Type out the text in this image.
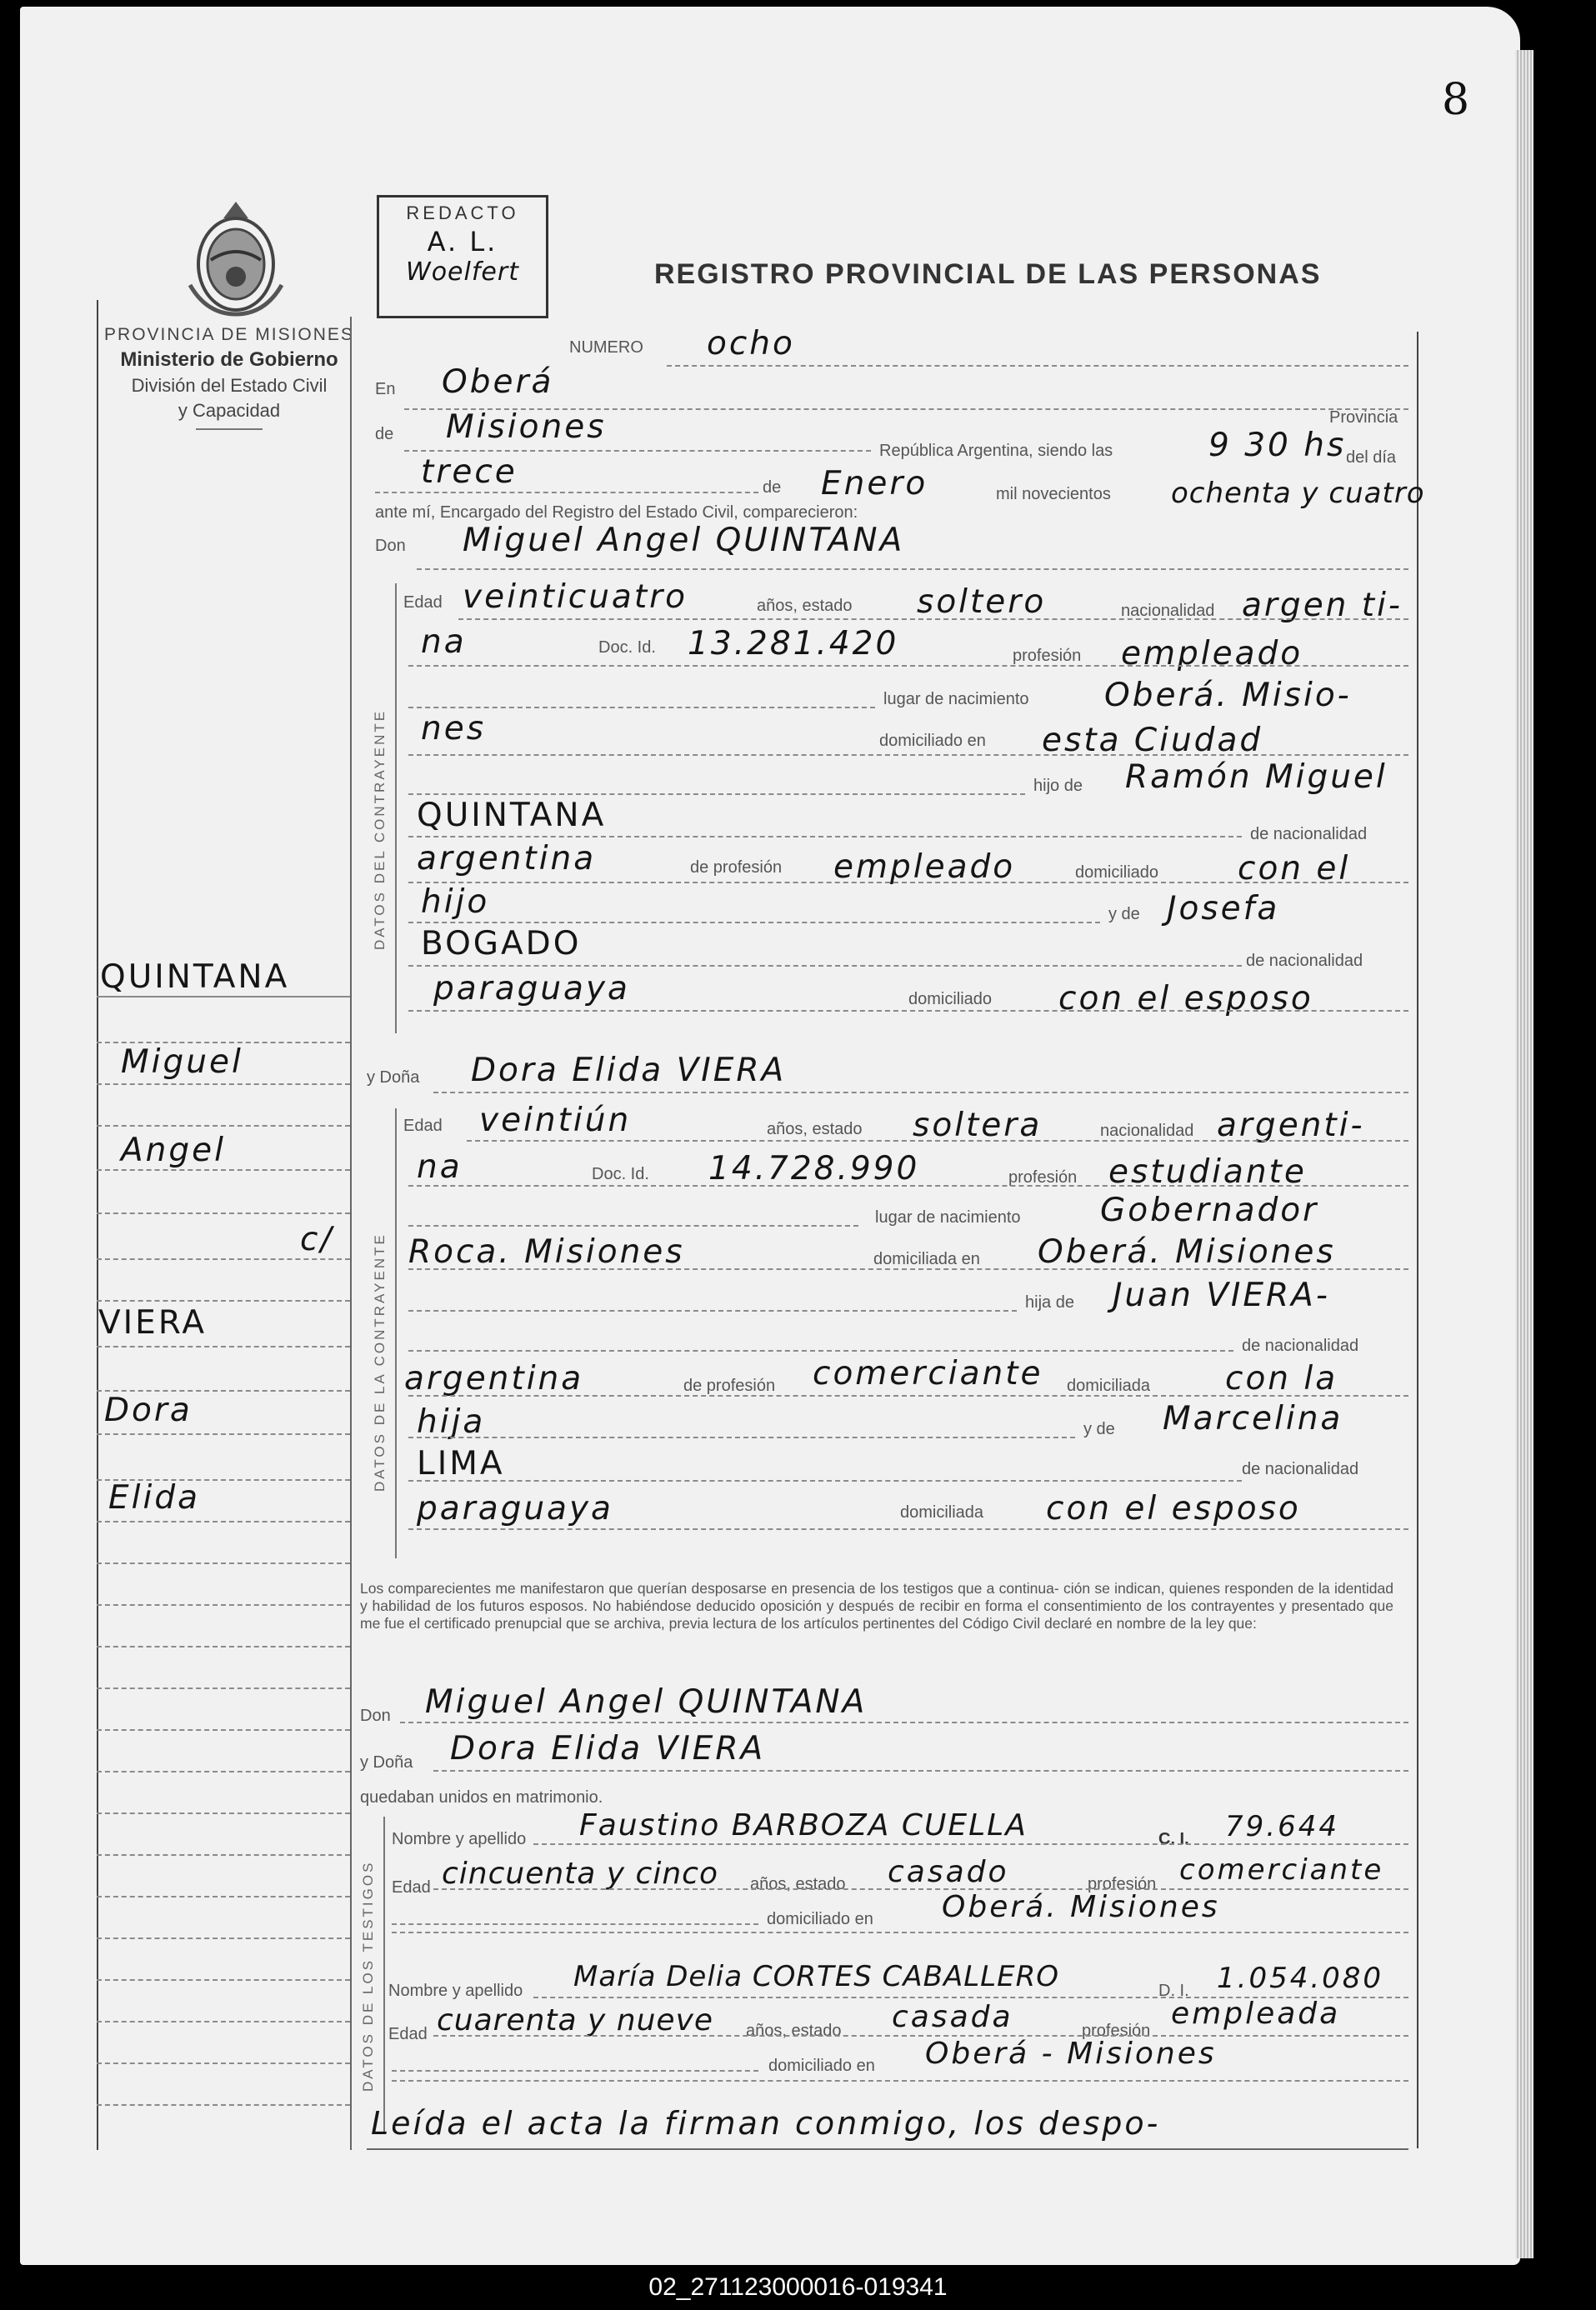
8
PROVINCIA DE MISIONES
Ministerio de Gobierno
División del Estado Civil
y Capacidad
REDACTO
A. L.
Woelfert	REGISTRO PROVINCIAL DE LAS PERSONAS
QUINTANA
Miguel
Angel
c/
VIERA
Dora
Elida
NUMERO ocho
En Oberá
Provincia
de Misiones
República Argentina, siendo las	9 30 hs del día
trece	de Enero	mil novecientos ochenta y cuatro
ante mí, Encargado del Registro del Estado Civil, comparecieron:
Don Miguel Angel QUINTANA
DATOS DEL CONTRAYENTE
Edad veinticuatro	años, estado soltero	nacionalidad argen ti-
na	Doc. Id. 13.281.420	profesión empleado
lugar de nacimiento Oberá. Misio-
nes	domiciliado en esta Ciudad
hijo de Ramón Miguel
QUINTANA	de nacionalidad
argentina	de profesión empleado	domiciliado con el
hijo	y de Josefa
BOGADO	de nacionalidad
paraguaya	domiciliado con el esposo
y Doña Dora Elida VIERA
DATOS DE LA CONTRAYENTE
Edad veintiún	años, estado soltera	nacionalidad argenti-
na	Doc. Id. 14.728.990	profesión estudiante
lugar de nacimiento Gobernador
Roca. Misiones	domiciliada en Oberá. Misiones
hija de Juan VIERA-
de nacionalidad
argentina	de profesión comerciante domiciliada con la
hija	y de Marcelina
LIMA	de nacionalidad
paraguaya	domiciliada con el esposo
Los comparecientes me manifestaron que querían desposarse en presencia de los testigos que a continua- ción se indican, quienes responden de la identidad y habilidad de los futuros esposos. No habiéndose deducido oposición y después de recibir en forma el consentimiento de los contrayentes y presentado que me fue el certificado prenupcial que se archiva, previa lectura de los artículos pertinentes del Código Civil declaré en nombre de la ley que:
Don Miguel Angel QUINTANA
y Doña Dora Elida VIERA
quedaban unidos en matrimonio.
DATOS DE LOS TESTIGOS
Nombre y apellido Faustino BARBOZA CUELLA	C. I. 79.644
Edad cincuenta y cinco años, estado casado	profesión comerciante
domiciliado en Oberá. Misiones
Nombre y apellido María Delia CORTES CABALLERO	D. I. 1.054.080
Edad cuarenta y nueve años, estado casada	profesión empleada
domiciliado en Oberá - Misiones
Leída el acta la firman conmigo, los despo-
02_271123000016-019341
